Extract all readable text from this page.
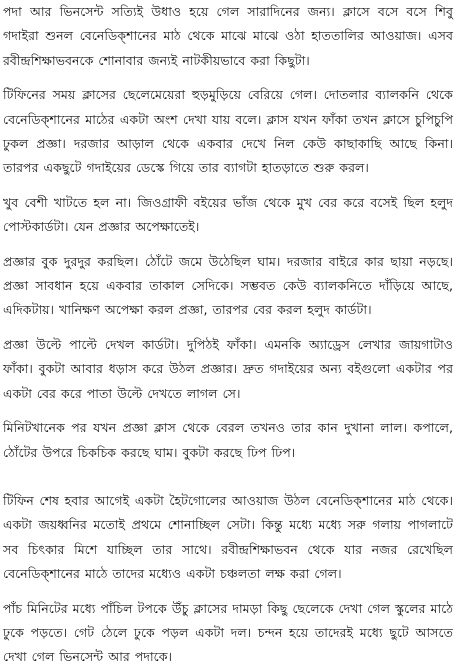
পদা আর ভিনসেন্ট সত্যিই উধাও হয়ে গেল সারাদিনের জন্য। ক্লাসে বসে বসে শিবু গদাইরা শুনল বেনেডিক্শানের মাঠ থেকে মাঝে মাঝে ওঠা হাততালির আওয়াজ। এসব রবীন্দ্রশিক্ষাভবনকে শোনাবার জন্যই নাটকীয়ভাবে করা কিছুটা।

টিফিনের সময় ক্লাসের ছেলেমেয়েরা হুড়মুড়িয়ে বেরিয়ে গেল। দোতলার ব্যালকনি থেকে বেনেডিক্শানের মাঠের একটা অংশ দেখা যায় বলে। ক্লাস যখন ফাঁকা তখন ক্লাসে চুপিচুপি ঢুকল প্রজ্ঞা। দরজার আড়াল থেকে একবার দেখে নিল কেউ কাছাকাছি আছে কিনা। তারপর একছুটে গদাইয়ের ডেস্কে গিয়ে তার ব্যাগটা হাতড়াতে শুরু করল।

খুব বেশী খাটতে হল না। জিওগ্রাফী বইয়ের ভাঁজ থেকে মুখ বের করে বসেই ছিল হলুদ পোস্টকার্ডটা। যেন প্রজ্ঞার অপেক্ষাতেই।

প্রজ্ঞার বুক দুরদুর করছিল। ঠোঁটে জমে উঠেছিল ঘাম। দরজার বাইরে কার ছায়া নড়ছে। প্রজ্ঞা সাবধান হয়ে একবার তাকাল সেদিকে। সম্ভবত কেউ ব্যালকনিতে দাঁড়িয়ে আছে, এদিকটায়। খানিক্ষণ অপেক্ষা করল প্রজ্ঞা, তারপর বের করল হলুদ কার্ডটা।

প্রজ্ঞা উল্টে পাল্টে দেখল কার্ডটা। দুপিঠই ফাঁকা। এমনকি অ্যাড্রেস লেখার জায়গাটাও ফাঁকা। বুকটা আবার ধড়াস করে উঠল প্রজ্ঞার। দ্রুত গদাইয়ের অন্য বইগুলো একটার পর একটা বের করে পাতা উল্টে দেখতে লাগল সে।

মিনিটখানেক পর যখন প্রজ্ঞা ক্লাস থেকে বেরল তখনও তার কান দুখানা লাল। কপালে, ঠোঁটের উপরে চিকচিক করছে ঘাম। বুকটা করছে ঢিপ ঢিপ।

টিফিন শেষ হবার আগেই একটা হৈটগোলের আওয়াজ উঠল বেনেডিক্শানের মাঠ থেকে। একটা জয়ধ্বনির মতোই প্রথমে শোনাচ্ছিল সেটা। কিন্তু মধ্যে মধ্যে সরু গলায় পাগলাটে সব চিৎকার মিশে যাচ্ছিল তার সাথে। রবীন্দ্রশিক্ষাভবন থেকে যার নজর রেখেছিল বেনেডিক্শানের মাঠে তাদের মধ্যেও একটা চঞ্চলতা লক্ষ করা গেল।

পাঁচ মিনিটের মধ্যে পাঁচিল টপকে উঁচু ক্লাসের দামড়া কিছু ছেলেকে দেখা গেল স্কুলের মাঠে ঢুকে পড়তে। গেট ঠেলে ঢুকে পড়ল একটা দল। চন্দন হয়ে তাদেরই মধ্যে ছুটে আসতে দেখা গেল ভিনসেন্ট আর পদাকে।
